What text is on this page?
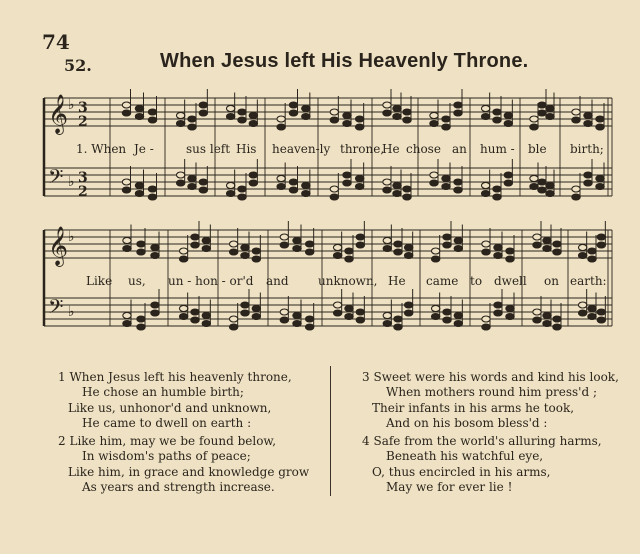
74
52.	When Jesus left His Heavenly Throne.
𝄞 ♭
𝄢 ♭
𝄞 ♭
𝄢 ♭
3
2
3
2
1. When Je -	sus left His heaven-ly throne,
He chose an hum - ble birth;
Like us, un - hon - or'd and unknown, He came to dwell on earth:
1 When Jesus left his heavenly throne,
He chose an humble birth;
Like us, unhonor'd and unknown,
He came to dwell on earth :
2 Like him, may we be found below,
In wisdom's paths of peace;
Like him, in grace and knowledge grow
As years and strength increase.
3 Sweet were his words and kind his look,
When mothers round him press'd ;
Their infants in his arms he took,
And on his bosom bless'd :
4 Safe from the world's alluring harms,
Beneath his watchful eye,
O, thus encircled in his arms,
May we for ever lie !
